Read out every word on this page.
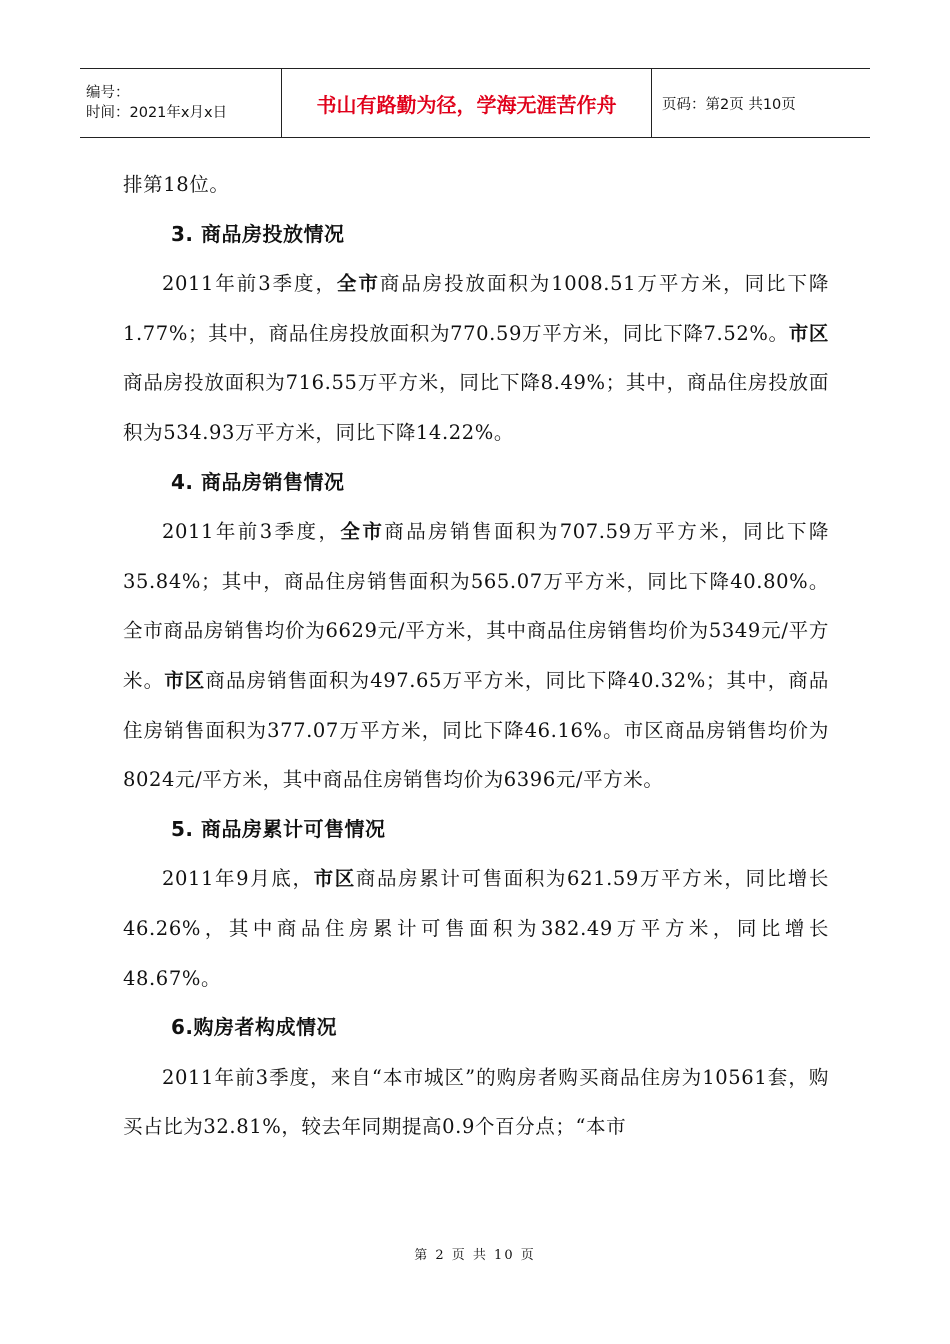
编号：
时间：2021年x月x日	书山有路勤为径，学海无涯苦作舟	页码：第2页 共10页

排第18位。

3. 商品房投放情况

2011年前3季度，全市商品房投放面积为1008.51万平方米，同比下降1.77%；其中，商品住房投放面积为770.59万平方米，同比下降7.52%。市区商品房投放面积为716.55万平方米，同比下降8.49%；其中，商品住房投放面积为534.93万平方米，同比下降14.22%。

4. 商品房销售情况

2011年前3季度，全市商品房销售面积为707.59万平方米，同比下降35.84%；其中，商品住房销售面积为565.07万平方米，同比下降40.80%。全市商品房销售均价为6629元/平方米，其中商品住房销售均价为5349元/平方米。市区商品房销售面积为497.65万平方米，同比下降40.32%；其中，商品住房销售面积为377.07万平方米，同比下降46.16%。市区商品房销售均价为8024元/平方米，其中商品住房销售均价为6396元/平方米。

5. 商品房累计可售情况

2011年9月底，市区商品房累计可售面积为621.59万平方米，同比增长46.26%，其中商品住房累计可售面积为382.49万平方米，同比增长48.67%。

6.购房者构成情况

2011年前3季度，来自“本市城区”的购房者购买商品住房为10561套，购买占比为32.81%，较去年同期提高0.9个百分点；“本市

第 2 页 共 10 页
